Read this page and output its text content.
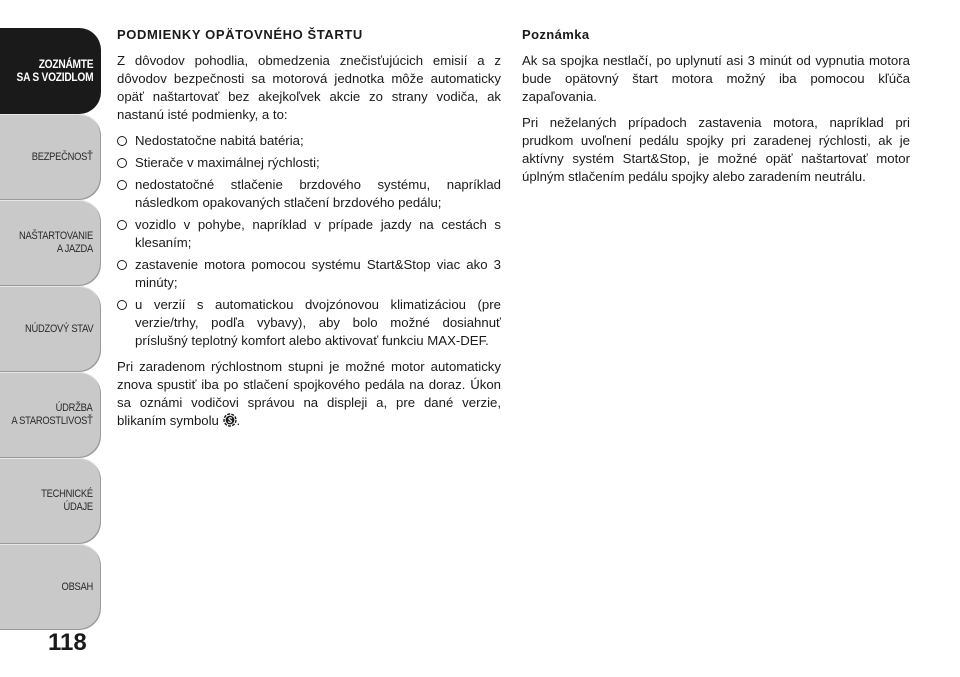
ZOZNÁMTE
SA S VOZIDLOM
BEZPEČNOSŤ
NAŠTARTOVANIE
A JAZDA
NÚDZOVÝ STAV
ÚDRŽBA
A STAROSTLIVOSŤ
TECHNICKÉ
ÚDAJE
OBSAH
118
PODMIENKY OPÄTOVNÉHO ŠTARTU

Z dôvodov pohodlia, obmedzenia znečisťujúcich emisií a z dôvodov bezpečnosti sa motorová jednotka môže automaticky opäť naštartovať bez akejkoľvek akcie zo strany vodiča, ak nastanú isté podmienky, a to:

Nedostatočne nabitá batéria;
Stierače v maximálnej rýchlosti;
nedostatočné stlačenie brzdového systému, napríklad následkom opakovaných stlačení brzdového pedálu;
vozidlo v pohybe, napríklad v prípade jazdy na cestách s klesaním;
zastavenie motora pomocou systému Start&Stop viac ako 3 minúty;
u verzií s automatickou dvojzónovou klimatizáciou (pre verzie/trhy, podľa vybavy), aby bolo možné dosiahnuť príslušný teplotný komfort alebo aktivovať funkciu MAX-DEF.

Pri zaradenom rýchlostnom stupni je možné motor automaticky znova spustiť iba po stlačení spojkového pedála na doraz. Úkon sa oznámi vodičovi správou na displeji a, pre dané verzie, blikaním symbolu .

Poznámka

Ak sa spojka nestlačí, po uplynutí asi 3 minút od vypnutia motora bude opätovný štart motora možný iba pomocou kľúča zapaľovania.

Pri neželaných prípadoch zastavenia motora, napríklad pri prudkom uvoľnení pedálu spojky pri zaradenej rýchlosti, ak je aktívny systém Start&Stop, je možné opäť naštartovať motor úplným stlačením pedálu spojky alebo zaradením neutrálu.
